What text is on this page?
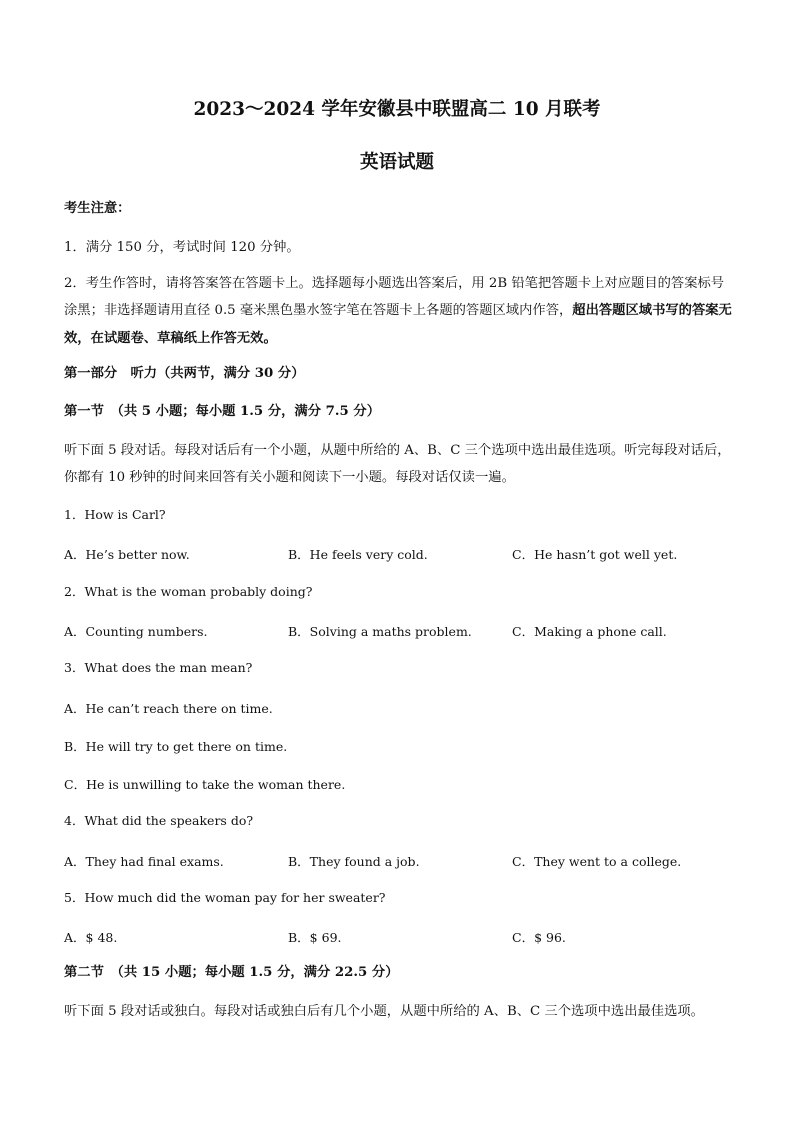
2023～2024 学年安徽县中联盟高二 10 月联考
英语试题
考生注意：
1．满分 150 分，考试时间 120 分钟。

2．考生作答时，请将答案答在答题卡上。选择题每小题选出答案后，用 2B 铅笔把答题卡上对应题目的答案标号涂黑；非选择题请用直径 0.5 毫米黑色墨水签字笔在答题卡上各题的答题区域内作答，超出答题区域书写的答案无效，在试题卷、草稿纸上作答无效。

第一部分　听力（共两节，满分 30 分）
第一节　（共 5 小题；每小题 1.5 分，满分 7.5 分）

听下面 5 段对话。每段对话后有一个小题，从题中所给的 A、B、C 三个选项中选出最佳选项。听完每段对话后，你都有 10 秒钟的时间来回答有关小题和阅读下一小题。每段对话仅读一遍。

1．How is Carl?
A．He’s better now.	B．He feels very cold.	C．He hasn’t got well yet.
2．What is the woman probably doing?
A．Counting numbers.	B．Solving a maths problem.	C．Making a phone call.
3．What does the man mean?
A．He can’t reach there on time.
B．He will try to get there on time.
C．He is unwilling to take the woman there.
4．What did the speakers do?
A．They had final exams.	B．They found a job.	C．They went to a college.
5．How much did the woman pay for her sweater?
A．$ 48.	B．$ 69.	C．$ 96.
第二节　（共 15 小题；每小题 1.5 分，满分 22.5 分）
听下面 5 段对话或独白。每段对话或独白后有几个小题，从题中所给的 A、B、C 三个选项中选出最佳选项。
